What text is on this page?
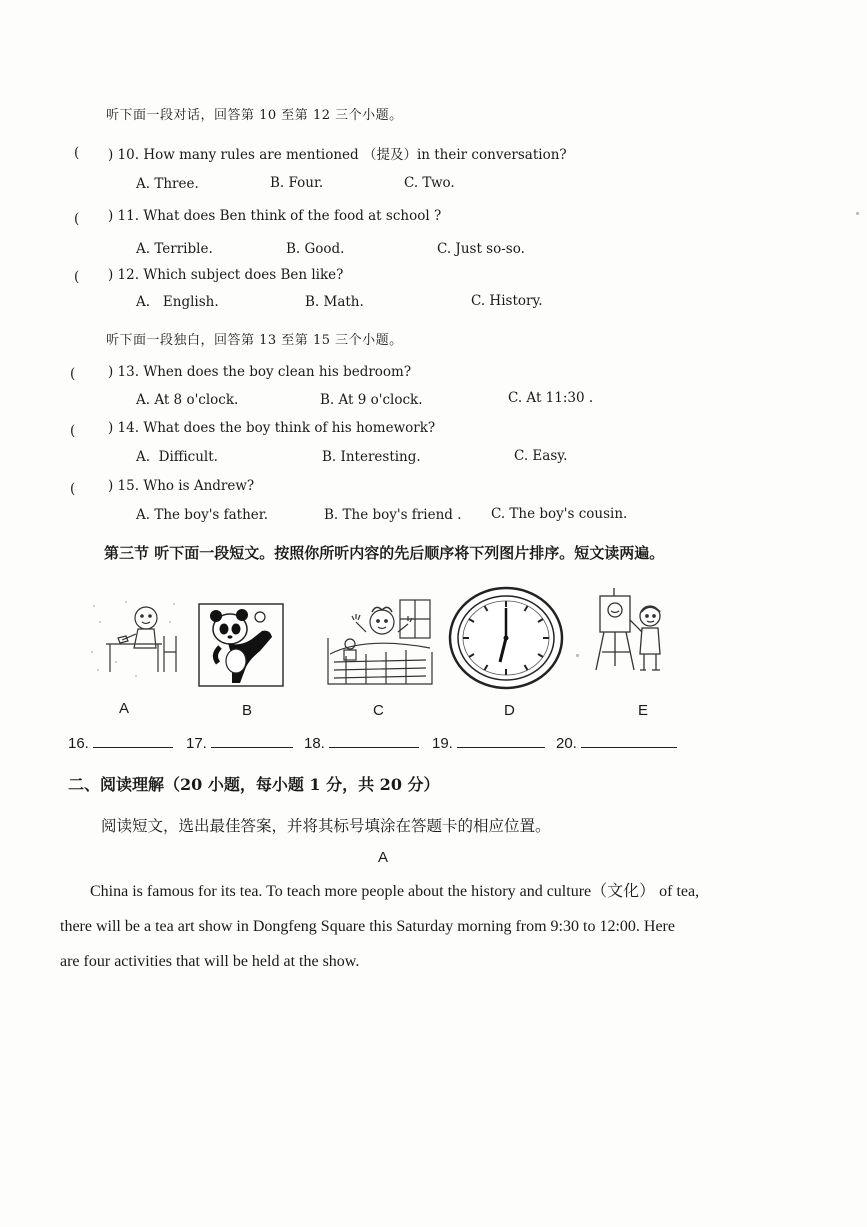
听下面一段对话，回答第 10 至第 12 三个小题。
( ) 10. How many rules are mentioned （提及）in their conversation?
A. Three.	B. Four.	C. Two.
( ) 11. What does Ben think of the food at school ?
A. Terrible.	B. Good.	C. Just so-so.
( ) 12. Which subject does Ben like?
A.   English.	B. Math.	C. History.
听下面一段独白，回答第 13 至第 15 三个小题。
( ) 13. When does the boy clean his bedroom?
A. At 8 o'clock.	B. At 9 o'clock.	C. At 11:30 .
( ) 14. What does the boy think of his homework?
A.  Difficult.	B. Interesting.	C. Easy.
( ) 15. Who is Andrew?
A. The boy's father.	B. The boy's friend . C. The boy's cousin.
第三节 听下面一段短文。按照你所听内容的先后顺序将下列图片排序。短文读两遍。
A	B	C	D	E
16.	17.	18.	19.	20.
二、阅读理解（20 小题，每小题 1 分，共 20 分）
阅读短文，选出最佳答案，并将其标号填涂在答题卡的相应位置。
A
China is famous for its tea. To teach more people about the history and culture（文化） of tea,
there will be a tea art show in Dongfeng Square this Saturday morning from 9:30 to 12:00. Here
are four activities that will be held at the show.
